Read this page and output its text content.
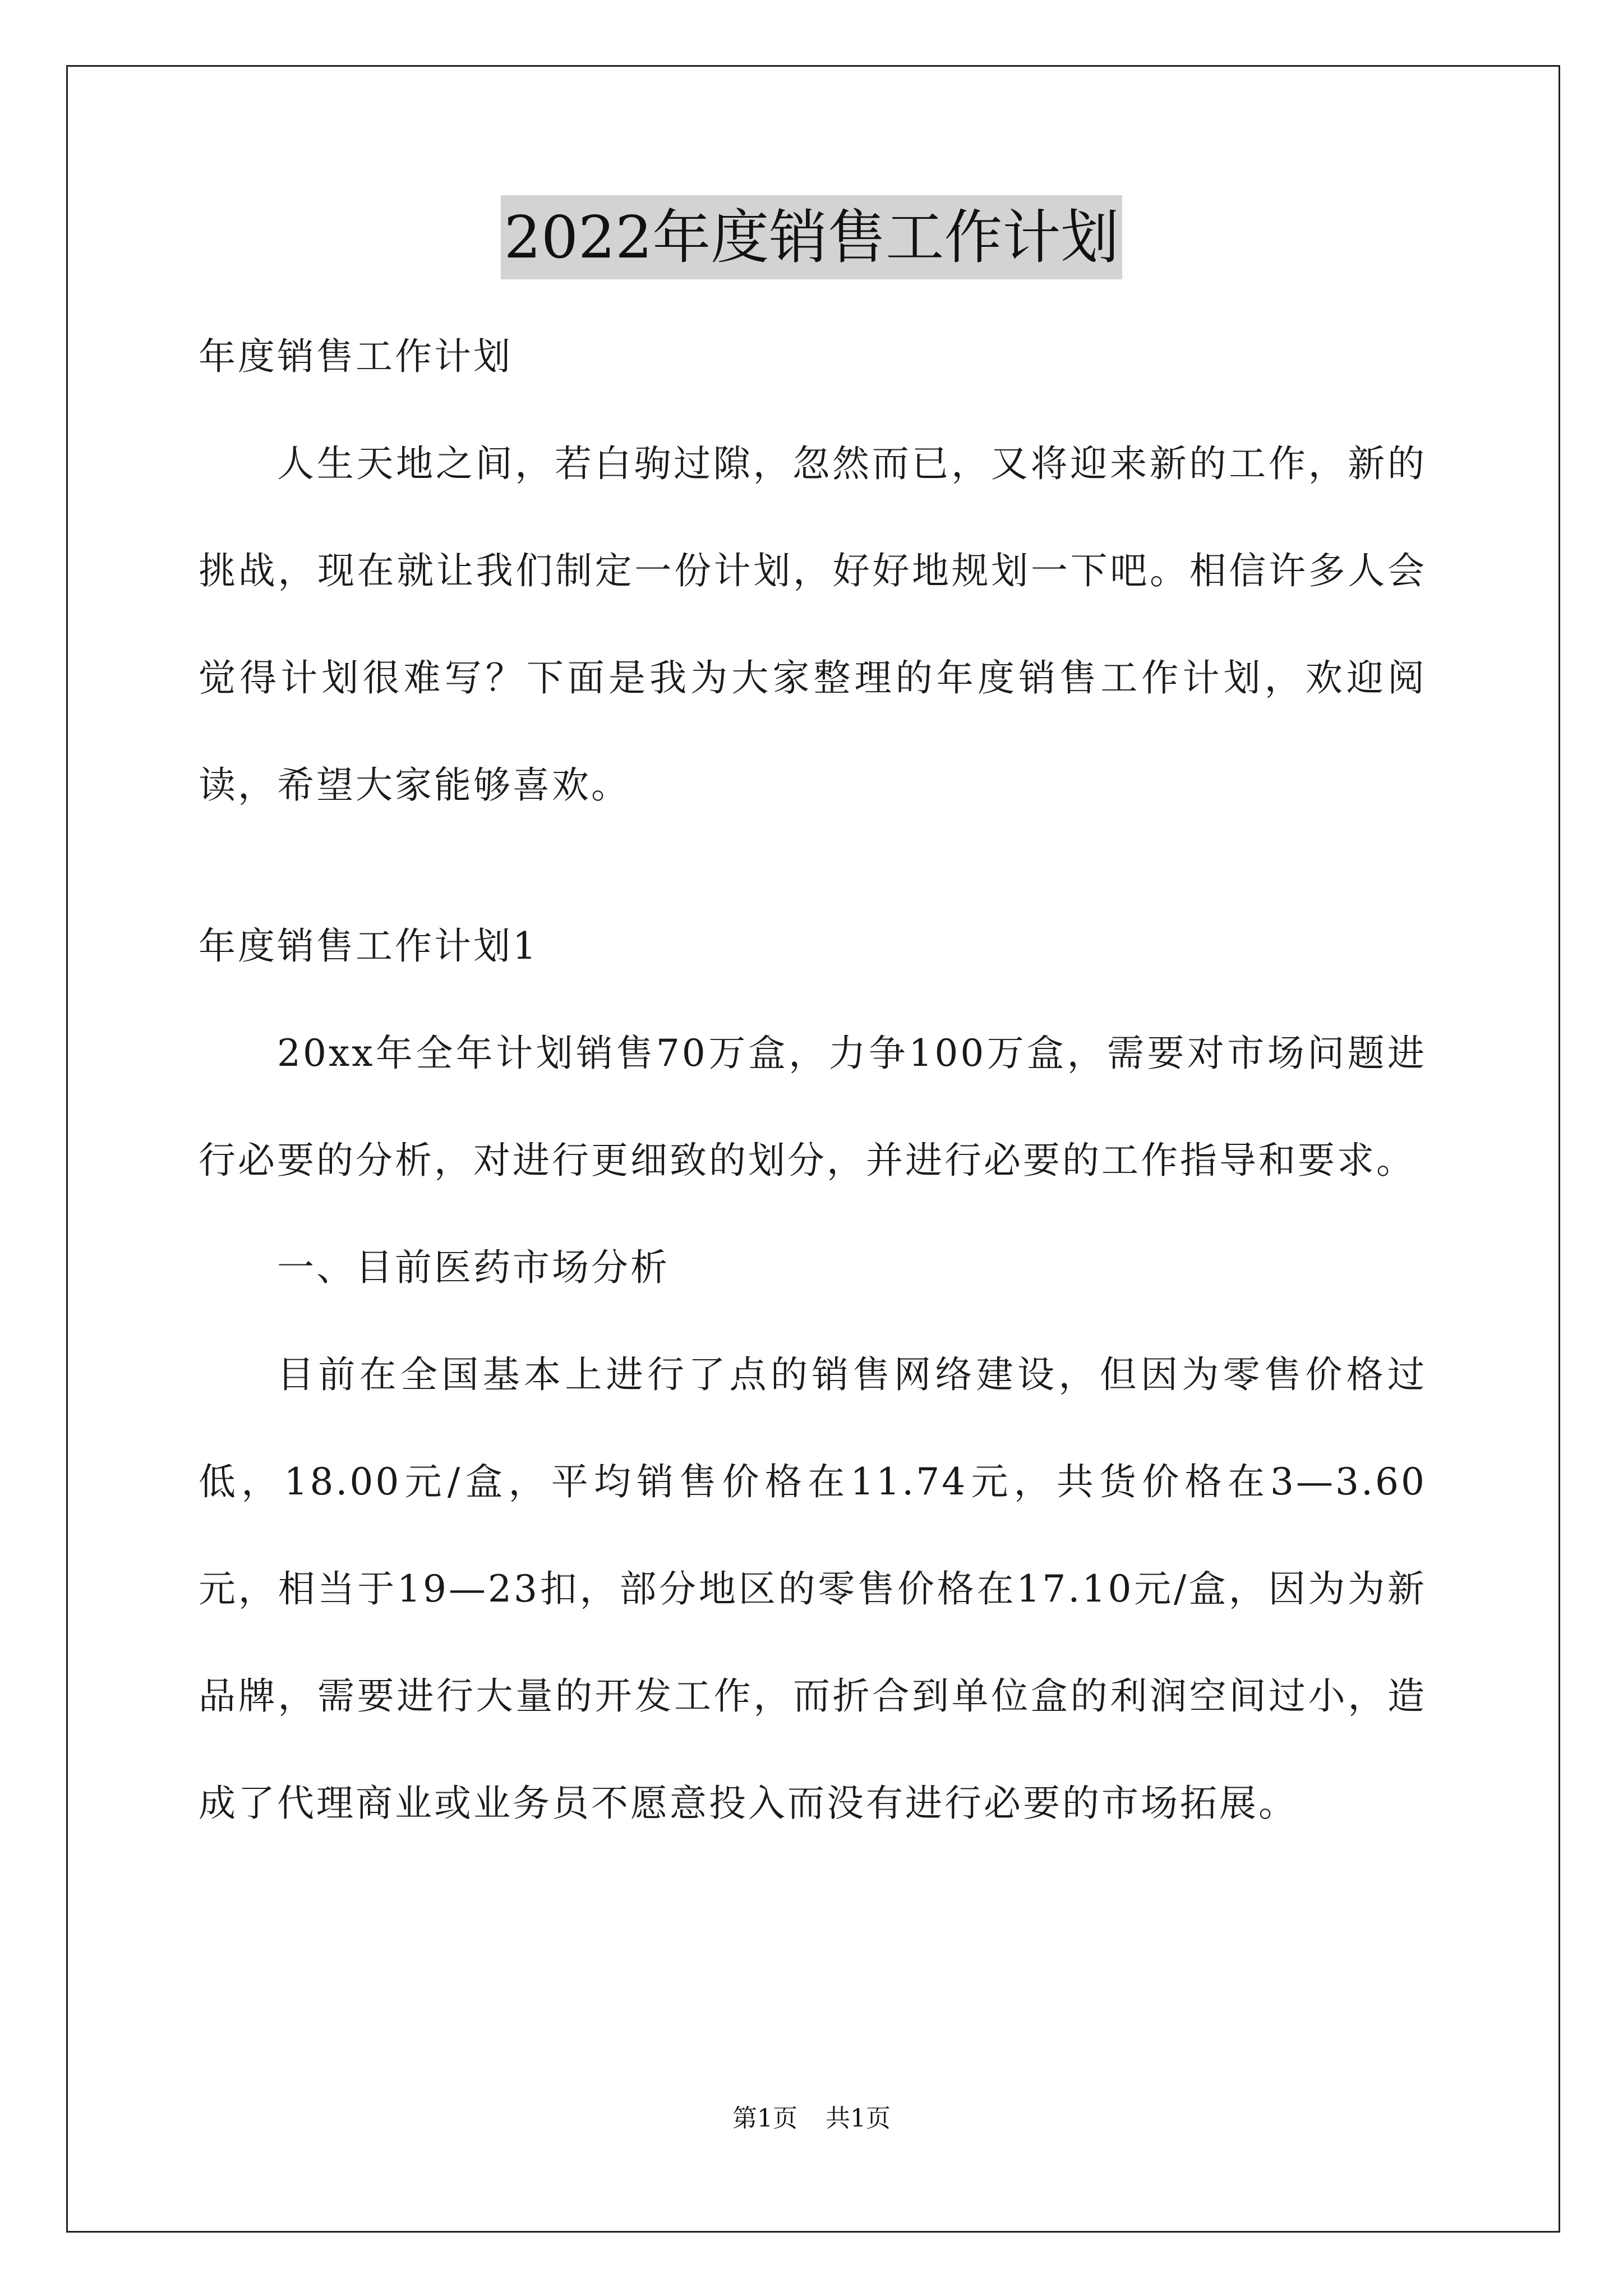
2022年度销售工作计划

年度销售工作计划

人生天地之间，若白驹过隙，忽然而已，又将迎来新的工作，新的挑战，现在就让我们制定一份计划，好好地规划一下吧。相信许多人会觉得计划很难写？下面是我为大家整理的年度销售工作计划，欢迎阅读，希望大家能够喜欢。

年度销售工作计划1

20xx年全年计划销售70万盒，力争100万盒，需要对市场问题进行必要的分析，对进行更细致的划分，并进行必要的工作指导和要求。

一、目前医药市场分析

目前在全国基本上进行了点的销售网络建设，但因为零售价格过低，18.00元/盒，平均销售价格在11.74元，共货价格在3—3.60元，相当于19—23扣，部分地区的零售价格在17.10元/盒，因为为新品牌，需要进行大量的开发工作，而折合到单位盒的利润空间过小，造成了代理商业或业务员不愿意投入而没有进行必要的市场拓展。

第1页 共1页
